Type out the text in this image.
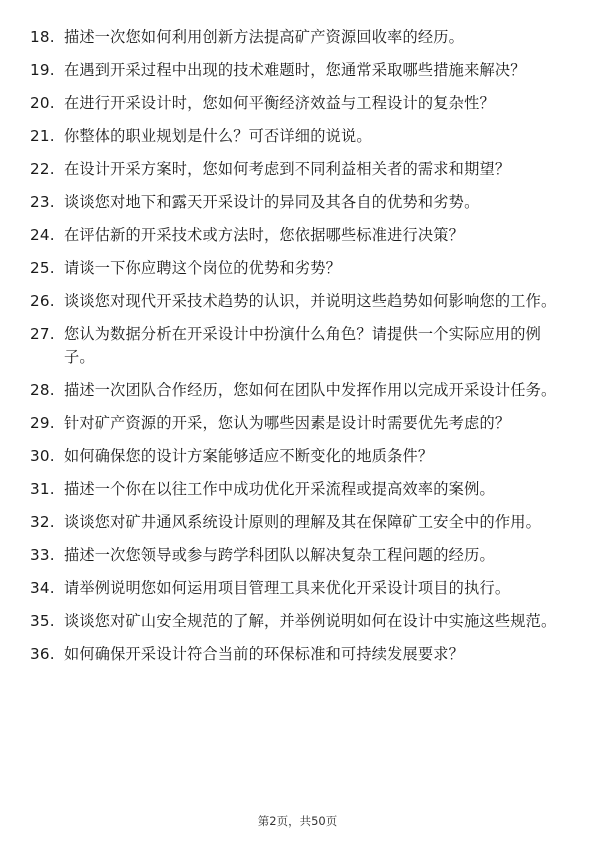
18. 描述一次您如何利用创新方法提高矿产资源回收率的经历。
19. 在遇到开采过程中出现的技术难题时，您通常采取哪些措施来解决？
20. 在进行开采设计时，您如何平衡经济效益与工程设计的复杂性？
21. 你整体的职业规划是什么？可否详细的说说。
22. 在设计开采方案时，您如何考虑到不同利益相关者的需求和期望？
23. 谈谈您对地下和露天开采设计的异同及其各自的优势和劣势。
24. 在评估新的开采技术或方法时，您依据哪些标准进行决策？
25. 请谈一下你应聘这个岗位的优势和劣势？
26. 谈谈您对现代开采技术趋势的认识，并说明这些趋势如何影响您的工作。
27. 您认为数据分析在开采设计中扮演什么角色？请提供一个实际应用的例子。
28. 描述一次团队合作经历，您如何在团队中发挥作用以完成开采设计任务。
29. 针对矿产资源的开采，您认为哪些因素是设计时需要优先考虑的？
30. 如何确保您的设计方案能够适应不断变化的地质条件？
31. 描述一个你在以往工作中成功优化开采流程或提高效率的案例。
32. 谈谈您对矿井通风系统设计原则的理解及其在保障矿工安全中的作用。
33. 描述一次您领导或参与跨学科团队以解决复杂工程问题的经历。
34. 请举例说明您如何运用项目管理工具来优化开采设计项目的执行。
35. 谈谈您对矿山安全规范的了解，并举例说明如何在设计中实施这些规范。
36. 如何确保开采设计符合当前的环保标准和可持续发展要求？
第2页，共50页
